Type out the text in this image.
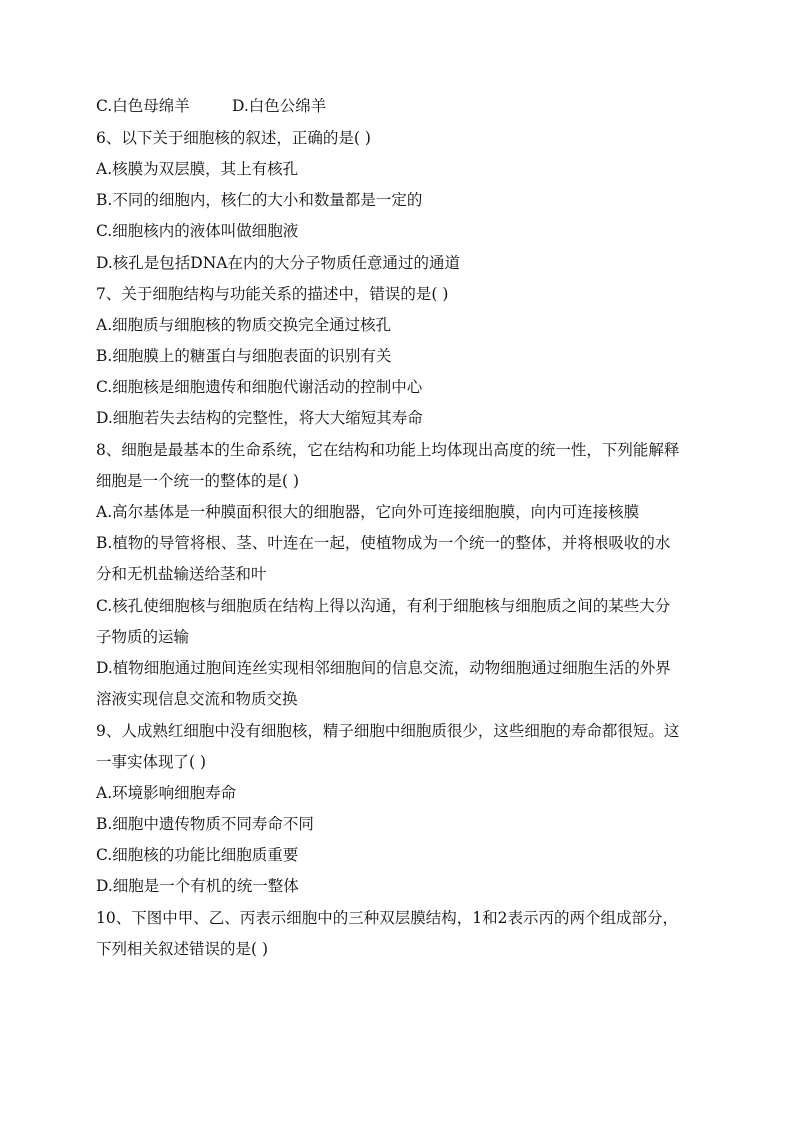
C.白色母绵羊	D.白色公绵羊
6、以下关于细胞核的叙述，正确的是( )
A.核膜为双层膜，其上有核孔
B.不同的细胞内，核仁的大小和数量都是一定的
C.细胞核内的液体叫做细胞液
D.核孔是包括DNA在内的大分子物质任意通过的通道
7、关于细胞结构与功能关系的描述中，错误的是( )
A.细胞质与细胞核的物质交换完全通过核孔
B.细胞膜上的糖蛋白与细胞表面的识别有关
C.细胞核是细胞遗传和细胞代谢活动的控制中心
D.细胞若失去结构的完整性，将大大缩短其寿命
8、细胞是最基本的生命系统，它在结构和功能上均体现出高度的统一性，下列能解释
细胞是一个统一的整体的是( )
A.高尔基体是一种膜面积很大的细胞器，它向外可连接细胞膜，向内可连接核膜
B.植物的导管将根、茎、叶连在一起，使植物成为一个统一的整体，并将根吸收的水
分和无机盐输送给茎和叶
C.核孔使细胞核与细胞质在结构上得以沟通，有利于细胞核与细胞质之间的某些大分
子物质的运输
D.植物细胞通过胞间连丝实现相邻细胞间的信息交流，动物细胞通过细胞生活的外界
溶液实现信息交流和物质交换
9、人成熟红细胞中没有细胞核，精子细胞中细胞质很少，这些细胞的寿命都很短。这
一事实体现了( )
A.环境影响细胞寿命
B.细胞中遗传物质不同寿命不同
C.细胞核的功能比细胞质重要
D.细胞是一个有机的统一整体
10、下图中甲、乙、丙表示细胞中的三种双层膜结构，1和2表示丙的两个组成部分，
下列相关叙述错误的是( )
